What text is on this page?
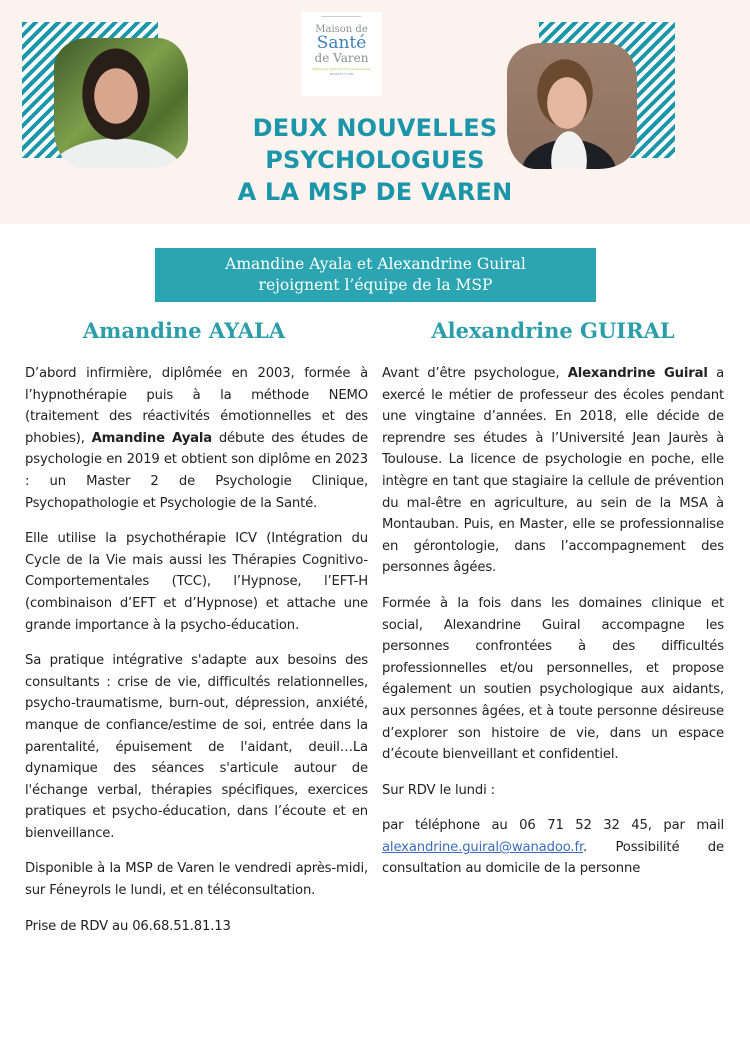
Maison de
Santé
de Varen
Maison de Santé Pluri-professionnelle
05 63 67 77 00
DEUX NOUVELLES
PSYCHOLOGUES
A LA MSP DE VAREN
Amandine Ayala et Alexandrine Guiral
rejoignent l’équipe de la MSP
Amandine AYALA	Alexandrine GUIRAL

D’abord infirmière, diplômée en 2003, formée à l’hypnothérapie puis à la méthode NEMO (traitement des réactivités émotionnelles et des phobies), Amandine Ayala débute des études de psychologie en 2019 et obtient son diplôme en 2023 : un Master 2 de Psychologie Clinique, Psychopathologie et Psychologie de la Santé.

Elle utilise la psychothérapie ICV (Intégration du Cycle de la Vie mais aussi les Thérapies Cognitivo-Comportementales (TCC), l’Hypnose, l’EFT-H (combinaison d’EFT et d’Hypnose) et attache une grande importance à la psycho-éducation.

Sa pratique intégrative s'adapte aux besoins des consultants : crise de vie, difficultés relationnelles, psycho-traumatisme, burn-out, dépression, anxiété, manque de confiance/estime de soi, entrée dans la parentalité, épuisement de l'aidant, deuil…La dynamique des séances s'articule autour de l'échange verbal, thérapies spécifiques, exercices pratiques et psycho-éducation, dans l’écoute et en bienveillance.

Disponible à la MSP de Varen le vendredi après-midi, sur Féneyrols le lundi, et en téléconsultation.

Prise de RDV au 06.68.51.81.13

Avant d’être psychologue, Alexandrine Guiral a exercé le métier de professeur des écoles pendant une vingtaine d’années. En 2018, elle décide de reprendre ses études à l’Université Jean Jaurès à Toulouse. La licence de psychologie en poche, elle intègre en tant que stagiaire la cellule de prévention du mal-être en agriculture, au sein de la MSA à Montauban. Puis, en Master, elle se professionnalise en gérontologie, dans l’accompagnement des personnes âgées.

Formée à la fois dans les domaines clinique et social, Alexandrine Guiral accompagne les personnes confrontées à des difficultés professionnelles et/ou personnelles, et propose également un soutien psychologique aux aidants, aux personnes âgées, et à toute personne désireuse d’explorer son histoire de vie, dans un espace d’écoute bienveillant et confidentiel.

Sur RDV le lundi :

par téléphone au 06 71 52 32 45, par mail alexandrine.guiral@wanadoo.fr. Possibilité de consultation au domicile de la personne
